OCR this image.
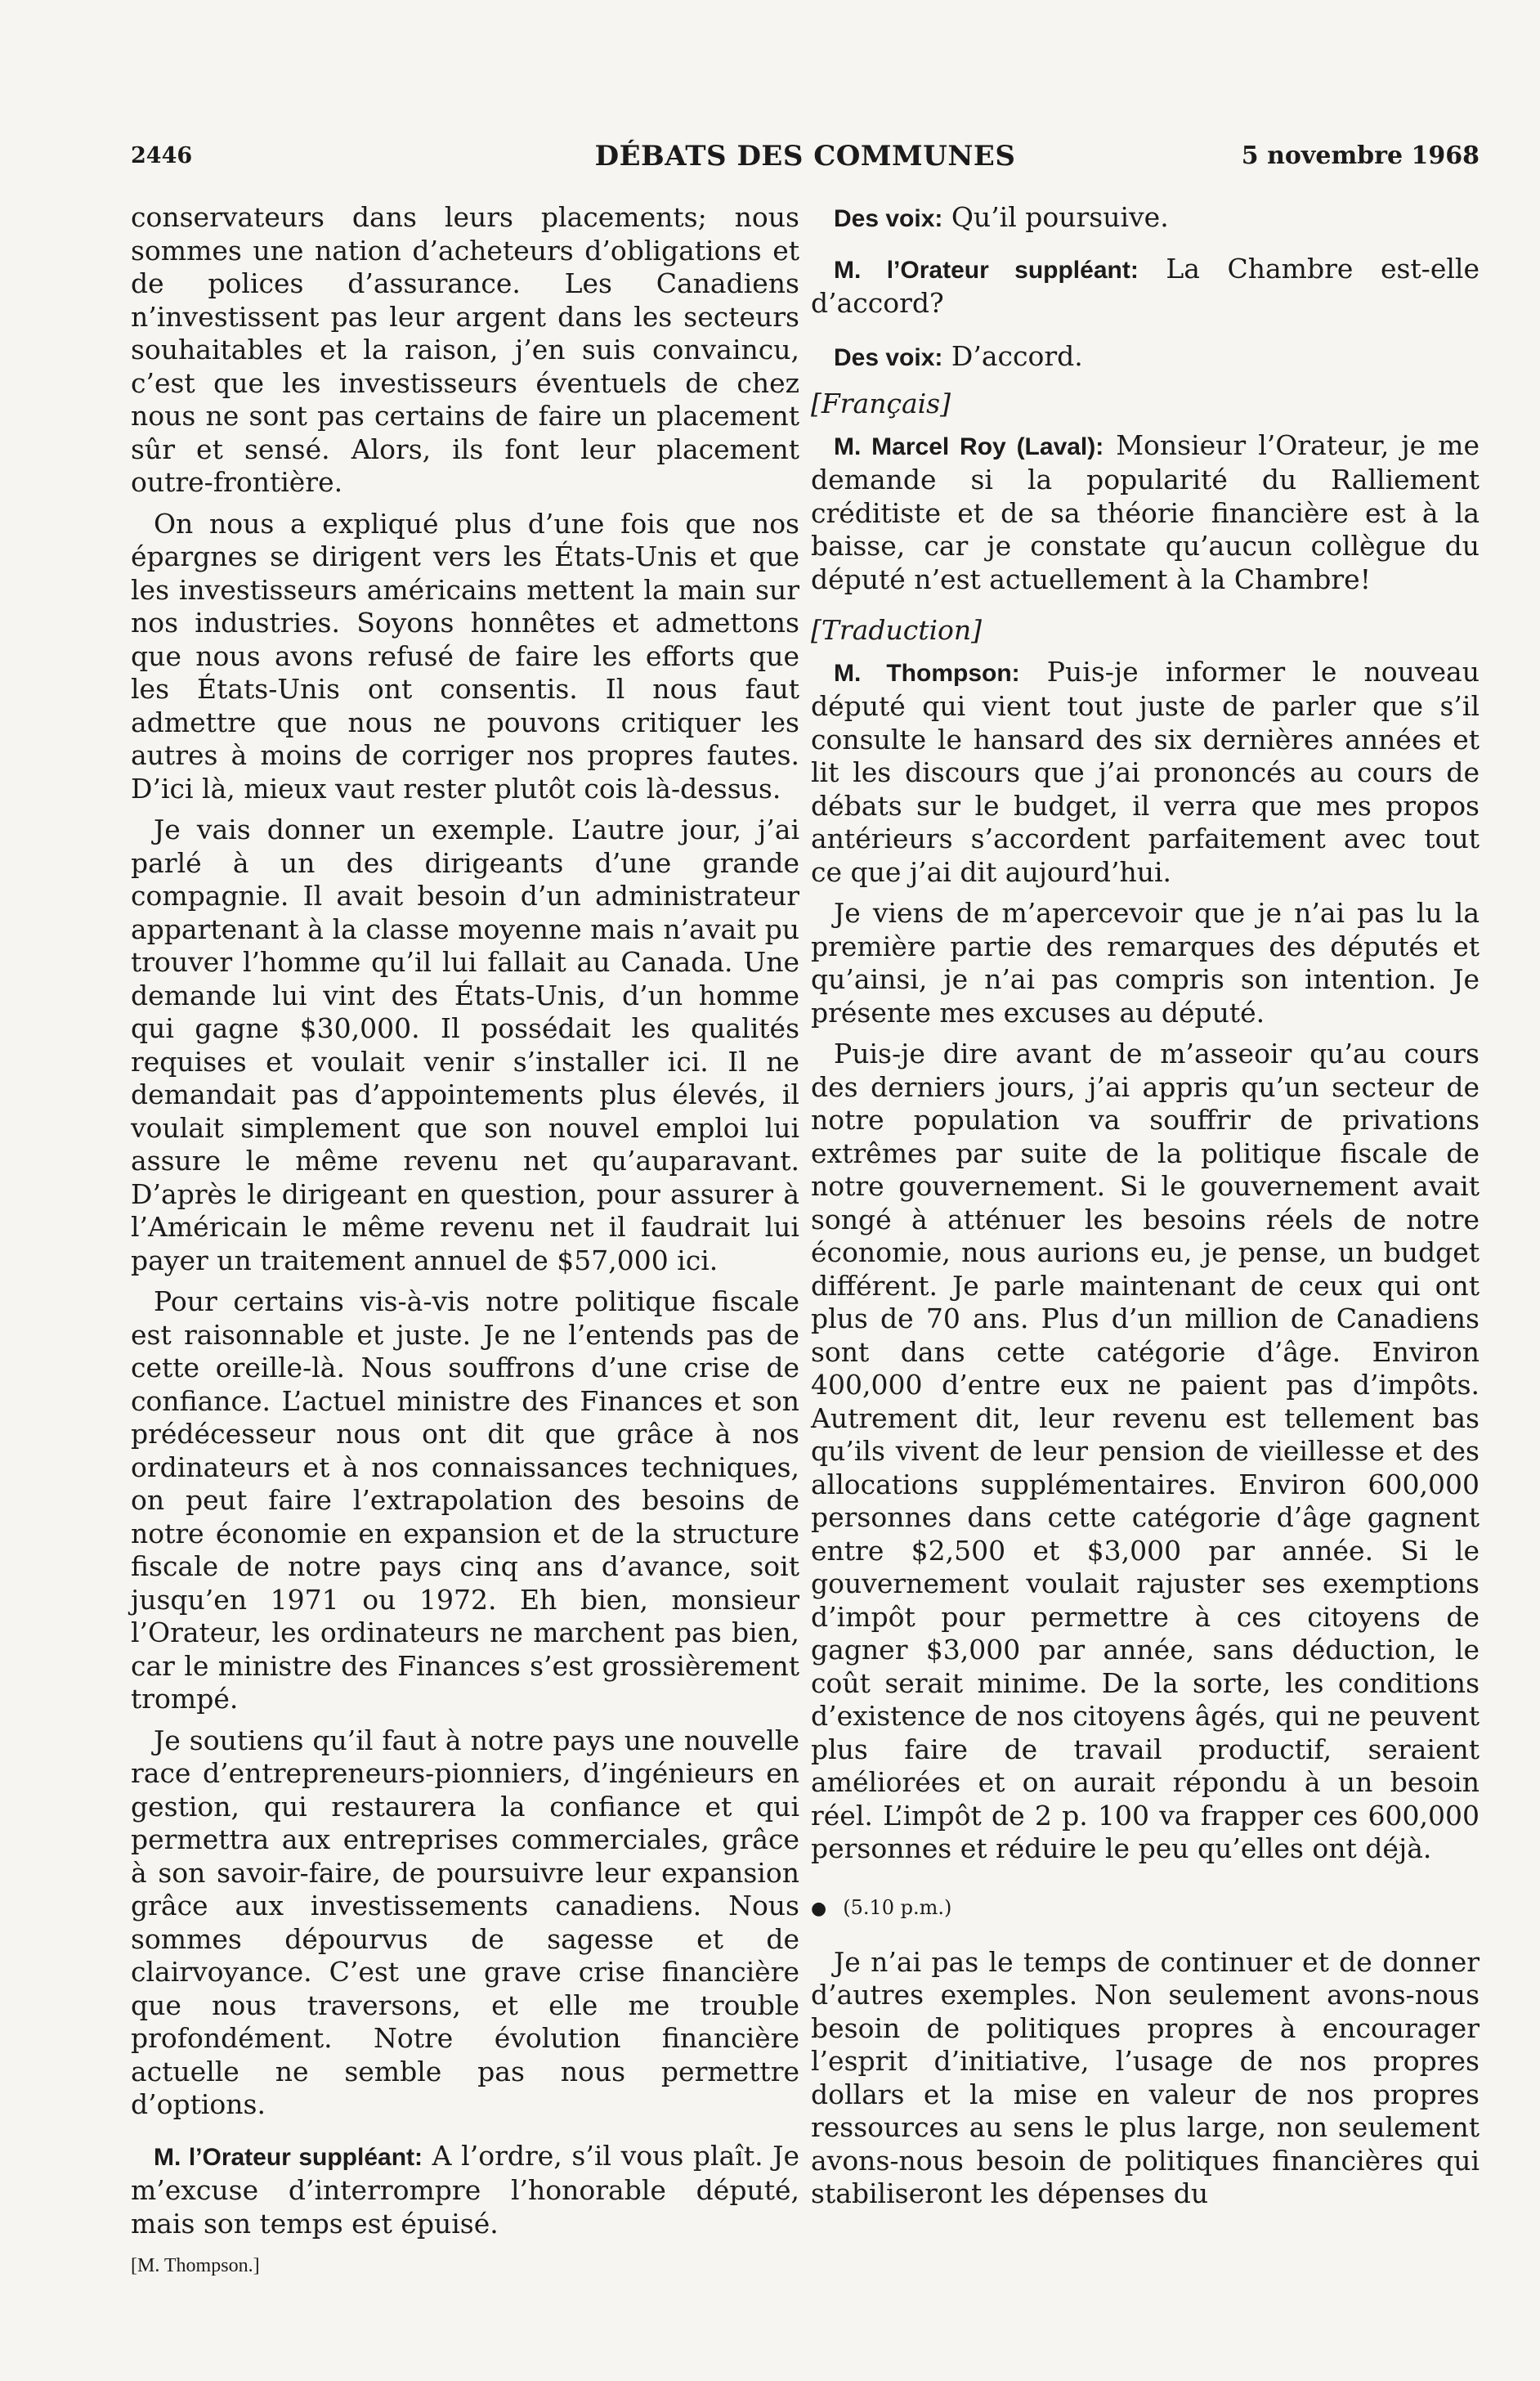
2446	DÉBATS DES COMMUNES	5 novembre 1968

conservateurs dans leurs placements; nous sommes une nation d’acheteurs d’obligations et de polices d’assurance. Les Canadiens n’investissent pas leur argent dans les secteurs souhaitables et la raison, j’en suis convaincu, c’est que les investisseurs éventuels de chez nous ne sont pas certains de faire un placement sûr et sensé. Alors, ils font leur placement outre-frontière.

On nous a expliqué plus d’une fois que nos épargnes se dirigent vers les États-Unis et que les investisseurs américains mettent la main sur nos industries. Soyons honnêtes et admettons que nous avons refusé de faire les efforts que les États-Unis ont consentis. Il nous faut admettre que nous ne pouvons critiquer les autres à moins de corriger nos propres fautes. D’ici là, mieux vaut rester plutôt cois là-dessus.

Je vais donner un exemple. L’autre jour, j’ai parlé à un des dirigeants d’une grande compagnie. Il avait besoin d’un administrateur appartenant à la classe moyenne mais n’avait pu trouver l’homme qu’il lui fallait au Canada. Une demande lui vint des États-Unis, d’un homme qui gagne $30,000. Il possédait les qualités requises et voulait venir s’installer ici. Il ne demandait pas d’appointements plus élevés, il voulait simplement que son nouvel emploi lui assure le même revenu net qu’auparavant. D’après le dirigeant en question, pour assurer à l’Américain le même revenu net il faudrait lui payer un traitement annuel de $57,000 ici.

Pour certains vis-à-vis notre politique fiscale est raisonnable et juste. Je ne l’entends pas de cette oreille-là. Nous souffrons d’une crise de confiance. L’actuel ministre des Finances et son prédécesseur nous ont dit que grâce à nos ordinateurs et à nos connaissances techniques, on peut faire l’extrapolation des besoins de notre économie en expansion et de la structure fiscale de notre pays cinq ans d’avance, soit jusqu’en 1971 ou 1972. Eh bien, monsieur l’Orateur, les ordinateurs ne marchent pas bien, car le ministre des Finances s’est grossièrement trompé.

Je soutiens qu’il faut à notre pays une nouvelle race d’entrepreneurs-pionniers, d’ingénieurs en gestion, qui restaurera la confiance et qui permettra aux entreprises commerciales, grâce à son savoir-faire, de poursuivre leur expansion grâce aux investissements canadiens. Nous sommes dépourvus de sagesse et de clairvoyance. C’est une grave crise financière que nous traversons, et elle me trouble profondément. Notre évolution financière actuelle ne semble pas nous permettre d’options.

M. l’Orateur suppléant: A l’ordre, s’il vous plaît. Je m’excuse d’interrompre l’honorable député, mais son temps est épuisé.

[M. Thompson.]

Des voix: Qu’il poursuive.

M. l’Orateur suppléant: La Chambre est-elle d’accord?

Des voix: D’accord.

[Français]

M. Marcel Roy (Laval): Monsieur l’Orateur, je me demande si la popularité du Ralliement créditiste et de sa théorie financière est à la baisse, car je constate qu’aucun collègue du député n’est actuellement à la Chambre!

[Traduction]

M. Thompson: Puis-je informer le nouveau député qui vient tout juste de parler que s’il consulte le hansard des six dernières années et lit les discours que j’ai prononcés au cours de débats sur le budget, il verra que mes propos antérieurs s’accordent parfaitement avec tout ce que j’ai dit aujourd’hui.

Je viens de m’apercevoir que je n’ai pas lu la première partie des remarques des députés et qu’ainsi, je n’ai pas compris son intention. Je présente mes excuses au député.

Puis-je dire avant de m’asseoir qu’au cours des derniers jours, j’ai appris qu’un secteur de notre population va souffrir de privations extrêmes par suite de la politique fiscale de notre gouvernement. Si le gouvernement avait songé à atténuer les besoins réels de notre économie, nous aurions eu, je pense, un budget différent. Je parle maintenant de ceux qui ont plus de 70 ans. Plus d’un million de Canadiens sont dans cette catégorie d’âge. Environ 400,000 d’entre eux ne paient pas d’impôts. Autrement dit, leur revenu est tellement bas qu’ils vivent de leur pension de vieillesse et des allocations supplémentaires. Environ 600,000 personnes dans cette catégorie d’âge gagnent entre $2,500 et $3,000 par année. Si le gouvernement voulait rajuster ses exemptions d’impôt pour permettre à ces citoyens de gagner $3,000 par année, sans déduction, le coût serait minime. De la sorte, les conditions d’existence de nos citoyens âgés, qui ne peuvent plus faire de travail productif, seraient améliorées et on aurait répondu à un besoin réel. L’impôt de 2 p. 100 va frapper ces 600,000 personnes et réduire le peu qu’elles ont déjà.

● (5.10 p.m.)

Je n’ai pas le temps de continuer et de donner d’autres exemples. Non seulement avons-nous besoin de politiques propres à encourager l’esprit d’initiative, l’usage de nos propres dollars et la mise en valeur de nos propres ressources au sens le plus large, non seulement avons-nous besoin de politiques financières qui stabiliseront les dépenses du
